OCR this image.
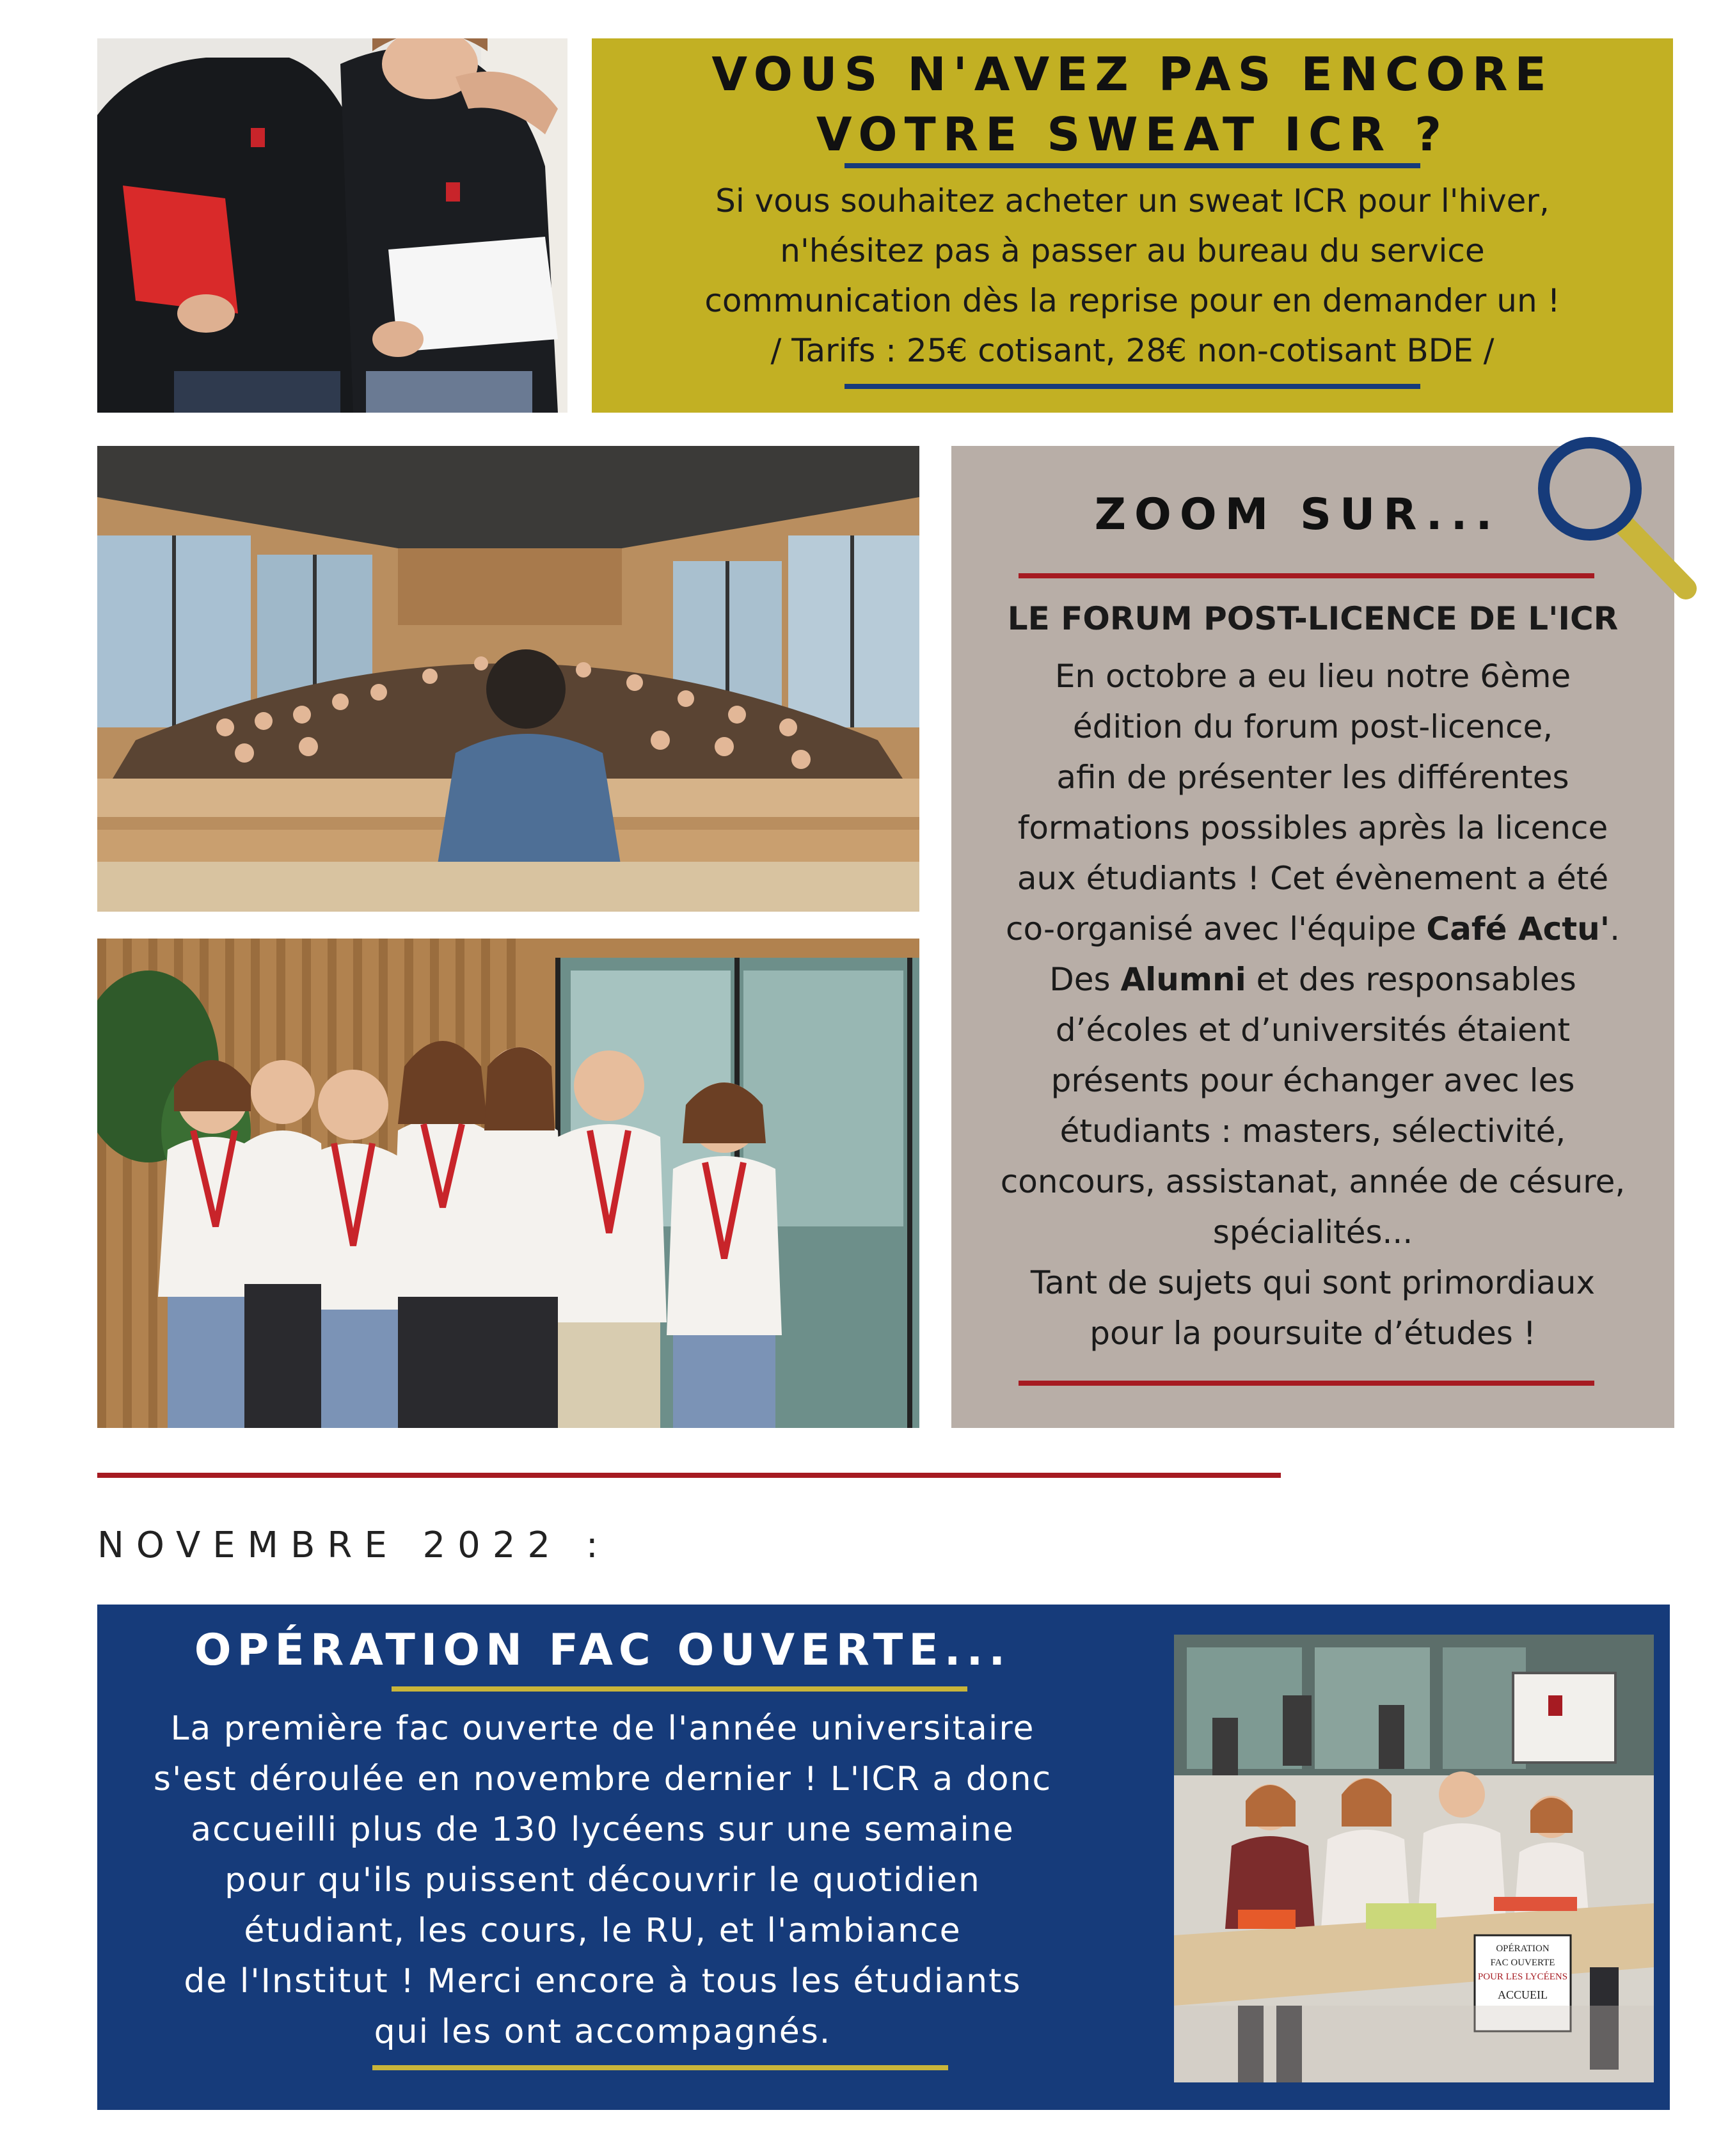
VOUS N'AVEZ PAS ENCORE
VOTRE SWEAT ICR ?
Si vous souhaitez acheter un sweat ICR pour l'hiver,
n'hésitez pas à passer au bureau du service
communication dès la reprise pour en demander un !
/ Tarifs : 25€ cotisant, 28€ non-cotisant BDE /
ZOOM SUR...
LE FORUM POST-LICENCE DE L'ICR
En octobre a eu lieu notre 6ème
édition du forum post-licence,
afin de présenter les différentes
formations possibles après la licence
aux étudiants ! Cet évènement a été
co-organisé avec l'équipe Café Actu'.
Des Alumni et des responsables
d’écoles et d’universités étaient
présents pour échanger avec les
étudiants : masters, sélectivité,
concours, assistanat, année de césure,
spécialités...
Tant de sujets qui sont primordiaux
pour la poursuite d’études !
NOVEMBRE 2022 :
OPÉRATION FAC OUVERTE...
La première fac ouverte de l'année universitaire
s'est déroulée en novembre dernier ! L'ICR a donc
accueilli plus de 130 lycéens sur une semaine
pour qu'ils puissent découvrir le quotidien
étudiant, les cours, le RU, et l'ambiance
de l'Institut ! Merci encore à tous les étudiants
qui les ont accompagnés.
OPÉRATION
FAC OUVERTE
POUR LES LYCÉENS
ACCUEIL
